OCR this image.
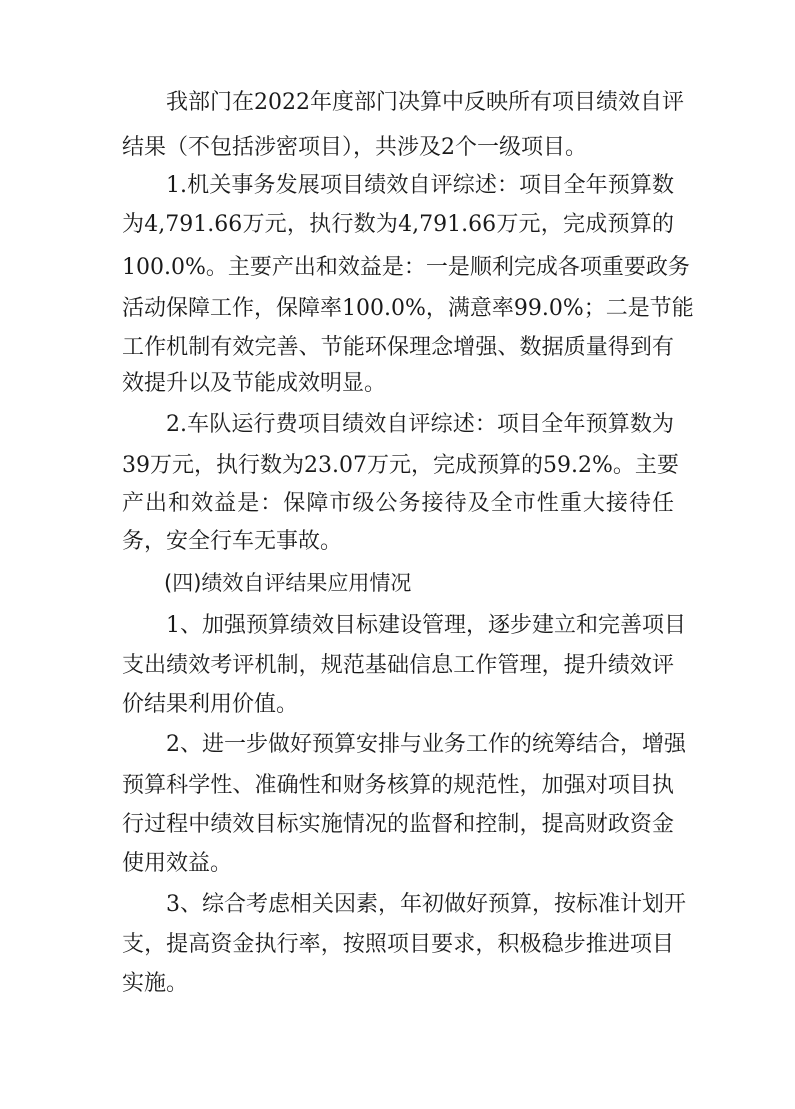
我部门在2022年度部门决算中反映所有项目绩效自评

结果（不包括涉密项目），共涉及2个一级项目。

1.机关事务发展项目绩效自评综述：项目全年预算数

为4,791.66万元，执行数为4,791.66万元，完成预算的

100.0%。主要产出和效益是：一是顺利完成各项重要政务

活动保障工作，保障率100.0%，满意率99.0%；二是节能

工作机制有效完善、节能环保理念增强、数据质量得到有

效提升以及节能成效明显。

2.车队运行费项目绩效自评综述：项目全年预算数为

39万元，执行数为23.07万元，完成预算的59.2%。主要

产出和效益是：保障市级公务接待及全市性重大接待任

务，安全行车无事故。

(四)绩效自评结果应用情况

1、加强预算绩效目标建设管理，逐步建立和完善项目

支出绩效考评机制，规范基础信息工作管理，提升绩效评

价结果利用价值。

2、进一步做好预算安排与业务工作的统筹结合，增强

预算科学性、准确性和财务核算的规范性，加强对项目执

行过程中绩效目标实施情况的监督和控制，提高财政资金

使用效益。

3、综合考虑相关因素，年初做好预算，按标准计划开

支，提高资金执行率，按照项目要求，积极稳步推进项目

实施。
